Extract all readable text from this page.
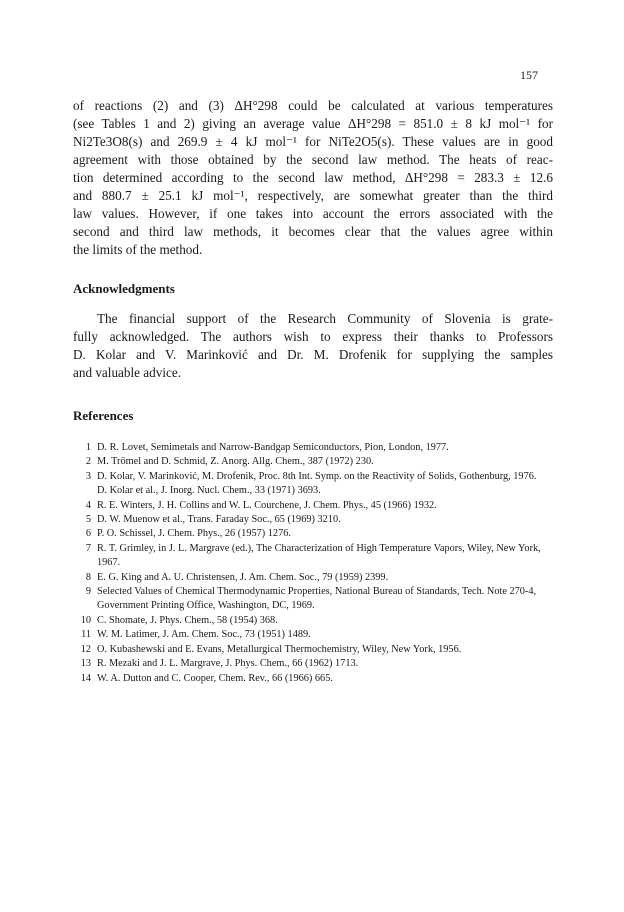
157
of reactions (2) and (3) ΔH°298 could be calculated at various temperatures
(see Tables 1 and 2) giving an average value ΔH°298 = 851.0 ± 8 kJ mol⁻¹ for
Ni2Te3O8(s) and 269.9 ± 4 kJ mol⁻¹ for NiTe2O5(s). These values are in good
agreement with those obtained by the second law method. The heats of reac-
tion determined according to the second law method, ΔH°298 = 283.3 ± 12.6
and 880.7 ± 25.1 kJ mol⁻¹, respectively, are somewhat greater than the third
law values. However, if one takes into account the errors associated with the
second and third law methods, it becomes clear that the values agree within
the limits of the method.
Acknowledgments
The financial support of the Research Community of Slovenia is grate-
fully acknowledged. The authors wish to express their thanks to Professors
D. Kolar and V. Marinković and Dr. M. Drofenik for supplying the samples
and valuable advice.
References
1 D. R. Lovet, Semimetals and Narrow-Bandgap Semiconductors, Pion, London, 1977.
2 M. Trömel and D. Schmid, Z. Anorg. Allg. Chem., 387 (1972) 230.
3 D. Kolar, V. Marinković, M. Drofenik, Proc. 8th Int. Symp. on the Reactivity of Solids, Gothenburg, 1976.
D. Kolar et al., J. Inorg. Nucl. Chem., 33 (1971) 3693.
4 R. E. Winters, J. H. Collins and W. L. Courchene, J. Chem. Phys., 45 (1966) 1932.
5 D. W. Muenow et al., Trans. Faraday Soc., 65 (1969) 3210.
6 P. O. Schissel, J. Chem. Phys., 26 (1957) 1276.
7 R. T. Grimley, in J. L. Margrave (ed.), The Characterization of High Temperature Vapors, Wiley, New York, 1967.
8 E. G. King and A. U. Christensen, J. Am. Chem. Soc., 79 (1959) 2399.
9 Selected Values of Chemical Thermodynamic Properties, National Bureau of Standards, Tech. Note 270-4, Government Printing Office, Washington, DC, 1969.
10 C. Shomate, J. Phys. Chem., 58 (1954) 368.
11 W. M. Latimer, J. Am. Chem. Soc., 73 (1951) 1489.
12 O. Kubashewski and E. Evans, Metallurgical Thermochemistry, Wiley, New York, 1956.
13 R. Mezaki and J. L. Margrave, J. Phys. Chem., 66 (1962) 1713.
14 W. A. Dutton and C. Cooper, Chem. Rev., 66 (1966) 665.
